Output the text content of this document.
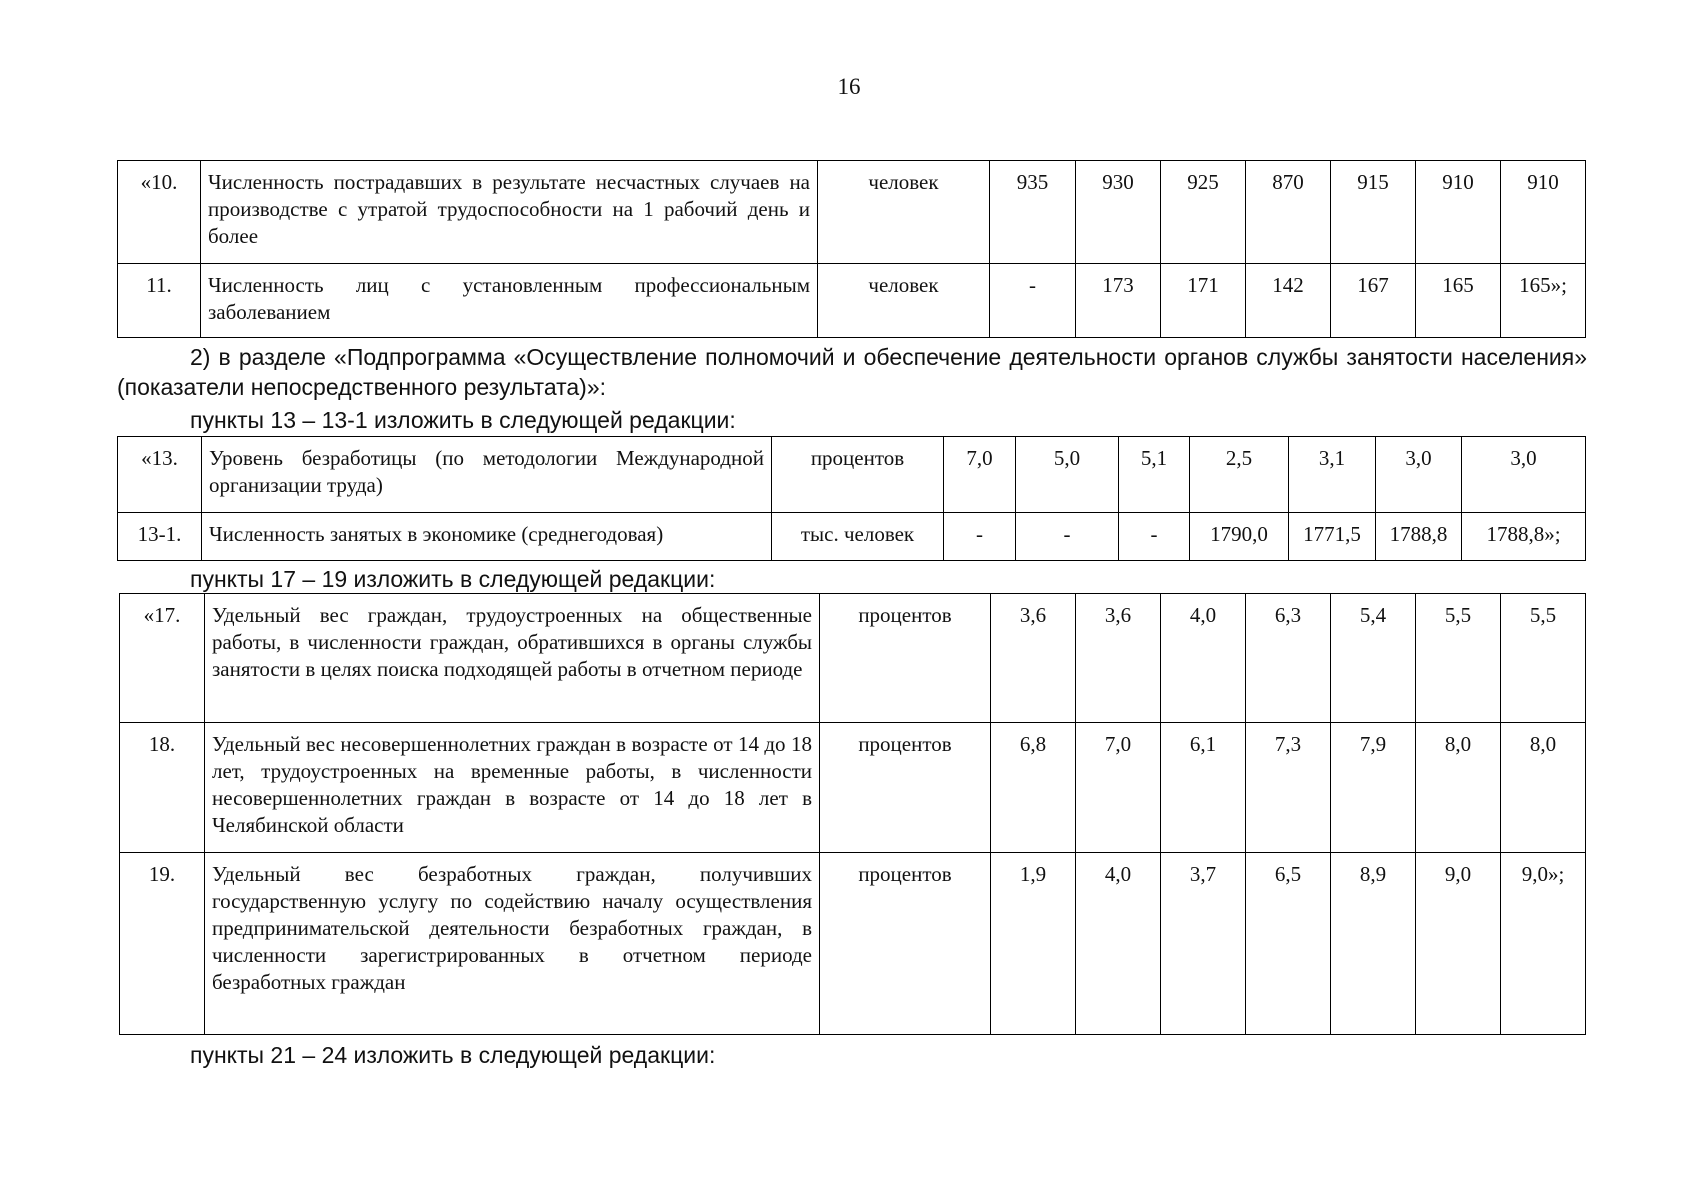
16
«10.	Численность пострадавших в результате несчастных случаев на производстве с утратой трудоспособности на 1 рабочий день и более	человек	935	930	925	870	915	910	910
11.	Численность лиц с установленным профессиональным заболеванием	человек	-	173	171	142	167	165	165»;
2) в разделе «Подпрограмма «Осуществление полномочий и обеспечение деятельности органов службы занятости населения» (показатели непосредственного результата)»:
пункты 13 – 13-1 изложить в следующей редакции:
«13.	Уровень безработицы (по методологии Международной организации труда)	процентов	7,0	5,0	5,1	2,5	3,1	3,0	3,0
13-1.	Численность занятых в экономике (среднегодовая)	тыс. человек	-	-	-	1790,0	1771,5	1788,8	1788,8»;
пункты 17 – 19 изложить в следующей редакции:
«17.	Удельный вес граждан, трудоустроенных на общественные работы, в численности граждан, обратившихся в органы службы занятости в целях поиска подходящей работы в отчетном периоде	процентов	3,6	3,6	4,0	6,3	5,4	5,5	5,5
18.	Удельный вес несовершеннолетних граждан в возрасте от 14 до 18 лет, трудоустроенных на временные работы, в численности несовершеннолетних граждан в возрасте от 14 до 18 лет в Челябинской области	процентов	6,8	7,0	6,1	7,3	7,9	8,0	8,0
19.	Удельный вес безработных граждан, получивших государственную услугу по содействию началу осуществления предпринимательской деятельности безработных граждан, в численности зарегистрированных в отчетном периоде безработных граждан	процентов	1,9	4,0	3,7	6,5	8,9	9,0	9,0»;
пункты 21 – 24 изложить в следующей редакции:
